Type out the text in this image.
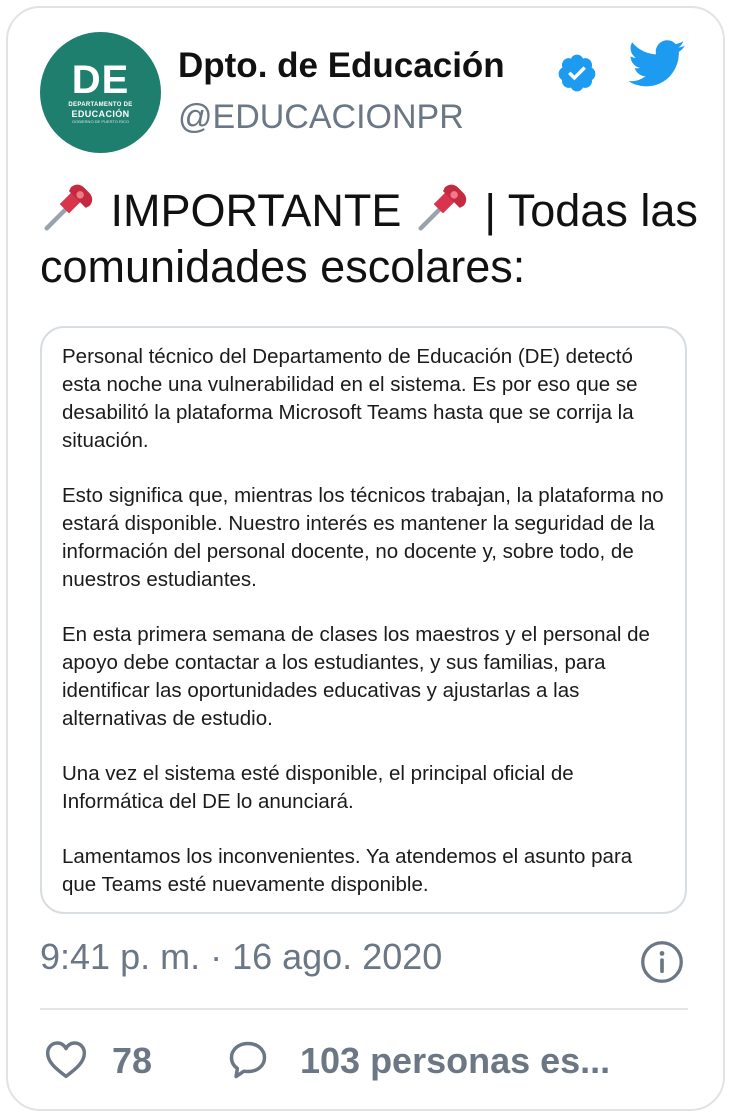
DE
DEPARTAMENTO DE
EDUCACIÓN
GOBIERNO DE PUERTO RICO
Dpto. de Educación
@EDUCACIONPR
IMPORTANTE | Todas las comunidades escolares:

Personal técnico del Departamento de Educación (DE) detectó esta noche una vulnerabilidad en el sistema. Es por eso que se desabilitó la plataforma Microsoft Teams hasta que se corrija la situación.

Esto significa que, mientras los técnicos trabajan, la plataforma no estará disponible. Nuestro interés es mantener la seguridad de la información del personal docente, no docente y, sobre todo, de nuestros estudiantes.

En esta primera semana de clases los maestros y el personal de apoyo debe contactar a los estudiantes, y sus familias, para identificar las oportunidades educativas y ajustarlas a las alternativas de estudio.

Una vez el sistema esté disponible, el principal oficial de Informática del DE lo anunciará.

Lamentamos los inconvenientes. Ya atendemos el asunto para que Teams esté nuevamente disponible.

9:41 p. m. · 16 ago. 2020
78	103 personas es...
